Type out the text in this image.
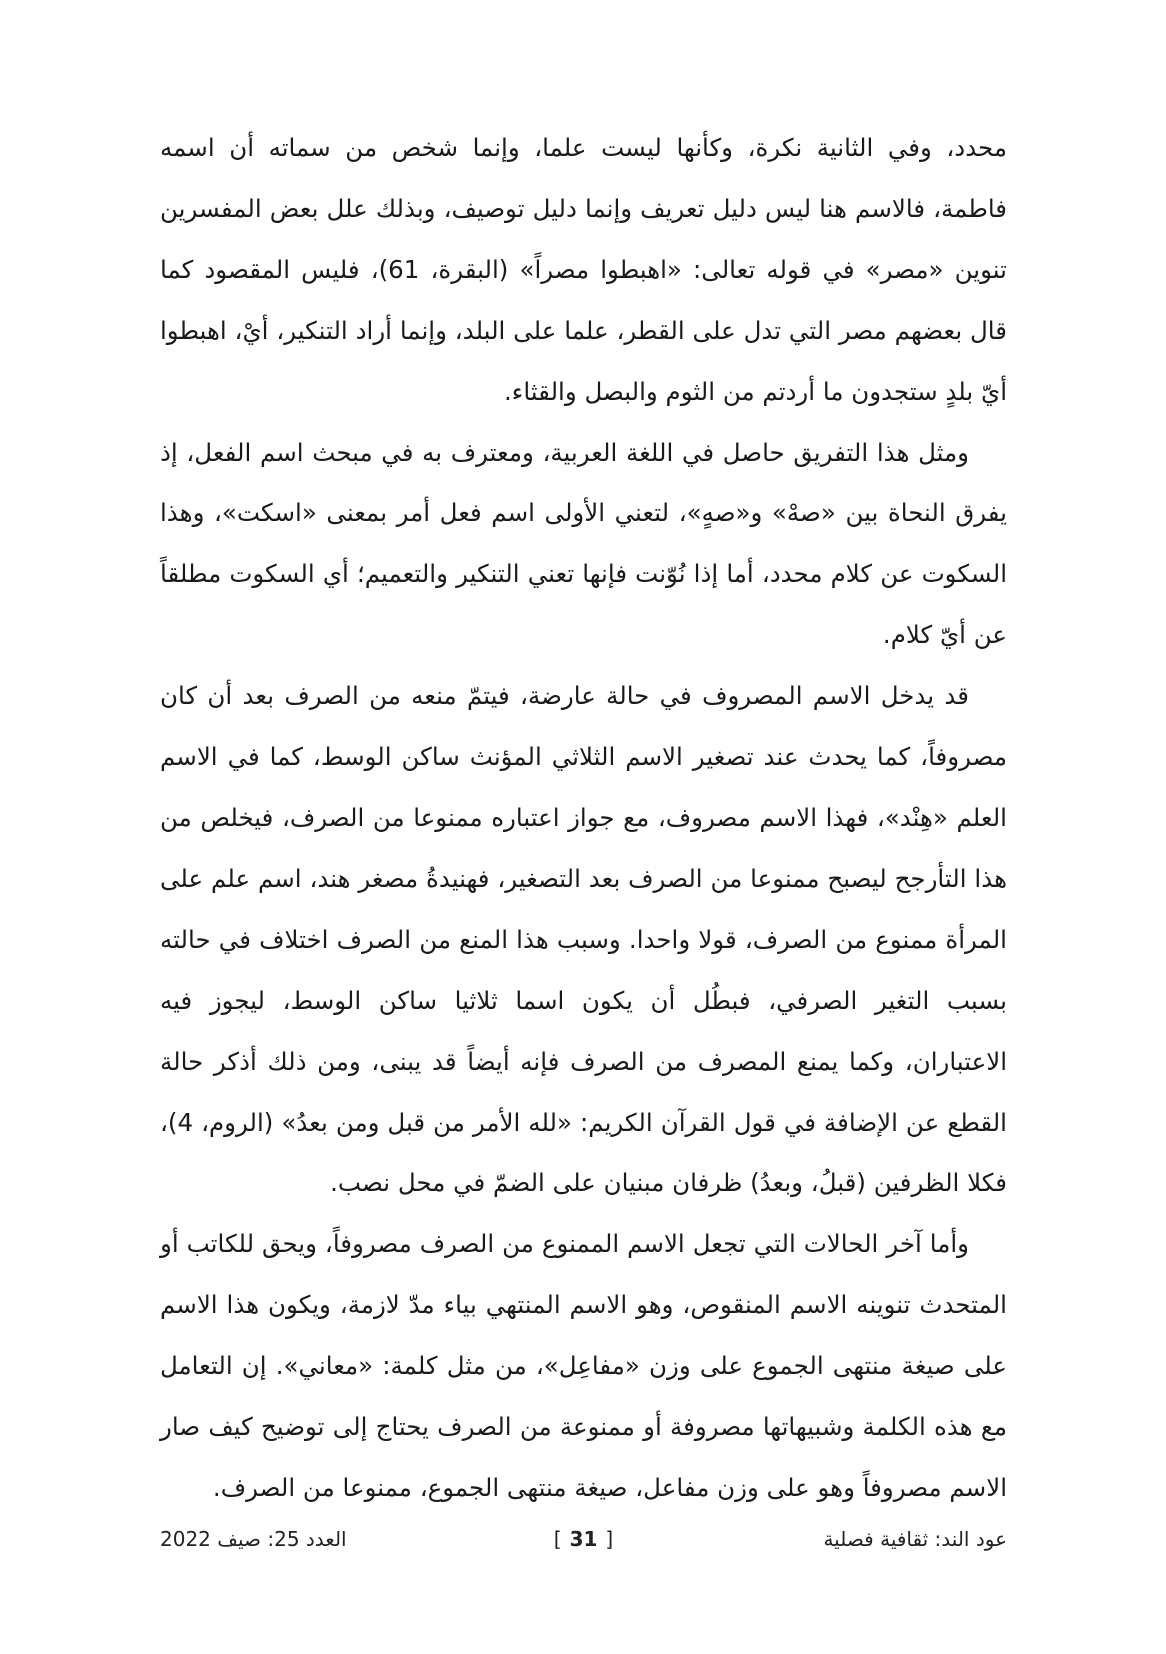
محدد، وفي الثانية نكرة، وكأنها ليست علما، وإنما شخص من سماته أن اسمه فاطمة، فالاسم هنا ليس دليل تعريف وإنما دليل توصيف، وبذلك علل بعض المفسرين تنوين «مصر» في قوله تعالى: «اهبطوا مصراً» (البقرة، 61)، فليس المقصود كما قال بعضهم مصر التي تدل على القطر، علما على البلد، وإنما أراد التنكير، أيْ، اهبطوا أيّ بلدٍ ستجدون ما أردتم من الثوم والبصل والقثاء.

ومثل هذا التفريق حاصل في اللغة العربية، ومعترف به في مبحث اسم الفعل، إذ يفرق النحاة بين «صهْ» و«صهٍ»، لتعني الأولى اسم فعل أمر بمعنى «اسكت»، وهذا السكوت عن كلام محدد، أما إذا نُوّنت فإنها تعني التنكير والتعميم؛ أي السكوت مطلقاً عن أيّ كلام.

قد يدخل الاسم المصروف في حالة عارضة، فيتمّ منعه من الصرف بعد أن كان مصروفاً، كما يحدث عند تصغير الاسم الثلاثي المؤنث ساكن الوسط، كما في الاسم العلم «هِنْد»، فهذا الاسم مصروف، مع جواز اعتباره ممنوعا من الصرف، فيخلص من هذا التأرجح ليصبح ممنوعا من الصرف بعد التصغير، فهنيدةُ مصغر هند، اسم علم على المرأة ممنوع من الصرف، قولا واحدا. وسبب هذا المنع من الصرف اختلاف في حالته بسبب التغير الصرفي، فبطُل أن يكون اسما ثلاثيا ساكن الوسط، ليجوز فيه الاعتباران، وكما يمنع المصرف من الصرف فإنه أيضاً قد يبنى، ومن ذلك أذكر حالة القطع عن الإضافة في قول القرآن الكريم: «لله الأمر من قبل ومن بعدُ» (الروم، 4)، فكلا الظرفين (قبلُ، وبعدُ) ظرفان مبنيان على الضمّ في محل نصب.

وأما آخر الحالات التي تجعل الاسم الممنوع من الصرف مصروفاً، ويحق للكاتب أو المتحدث تنوينه الاسم المنقوص، وهو الاسم المنتهي بياء مدّ لازمة، ويكون هذا الاسم على صيغة منتهى الجموع على وزن «مفاعِل»، من مثل كلمة: «معاني». إن التعامل مع هذه الكلمة وشبيهاتها مصروفة أو ممنوعة من الصرف يحتاج إلى توضيح كيف صار الاسم مصروفاً وهو على وزن مفاعل، صيغة منتهى الجموع، ممنوعا من الصرف.

عود الند: ثقافية فصلية
[ 31 ]
العدد 25: صيف 2022
